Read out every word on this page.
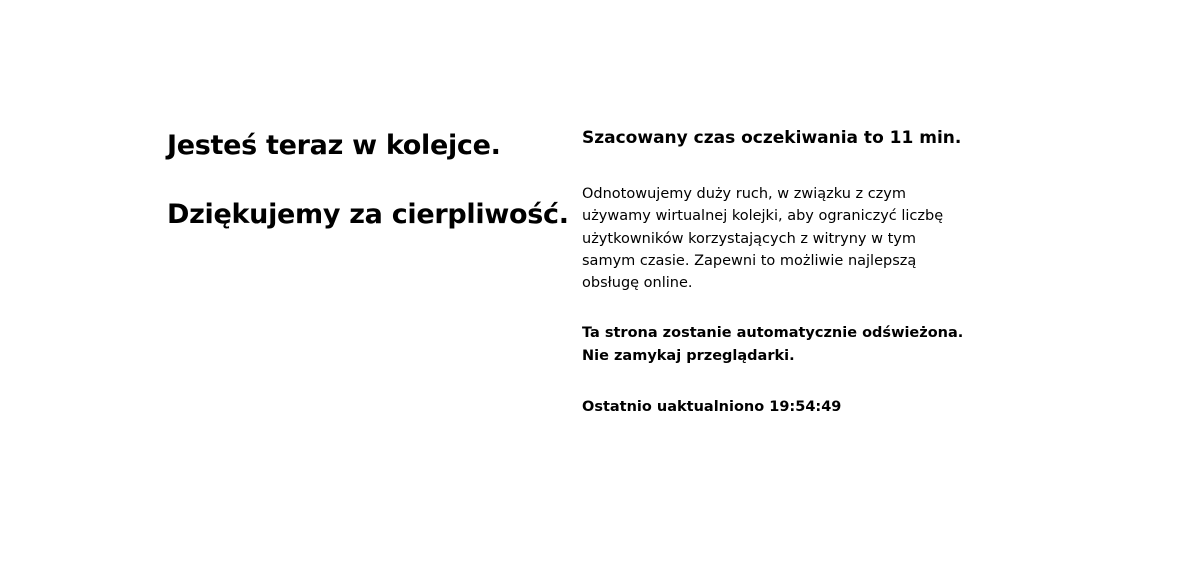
Jesteś teraz w kolejce.
Dziękujemy za cierpliwość.
Szacowany czas oczekiwania to 11 min.

Odnotowujemy duży ruch, w związku z czym używamy wirtualnej kolejki, aby ograniczyć liczbę użytkowników korzystających z witryny w tym samym czasie. Zapewni to możliwie najlepszą obsługę online.

Ta strona zostanie automatycznie odświeżona. Nie zamykaj przeglądarki.

Ostatnio uaktualniono 19:54:49
